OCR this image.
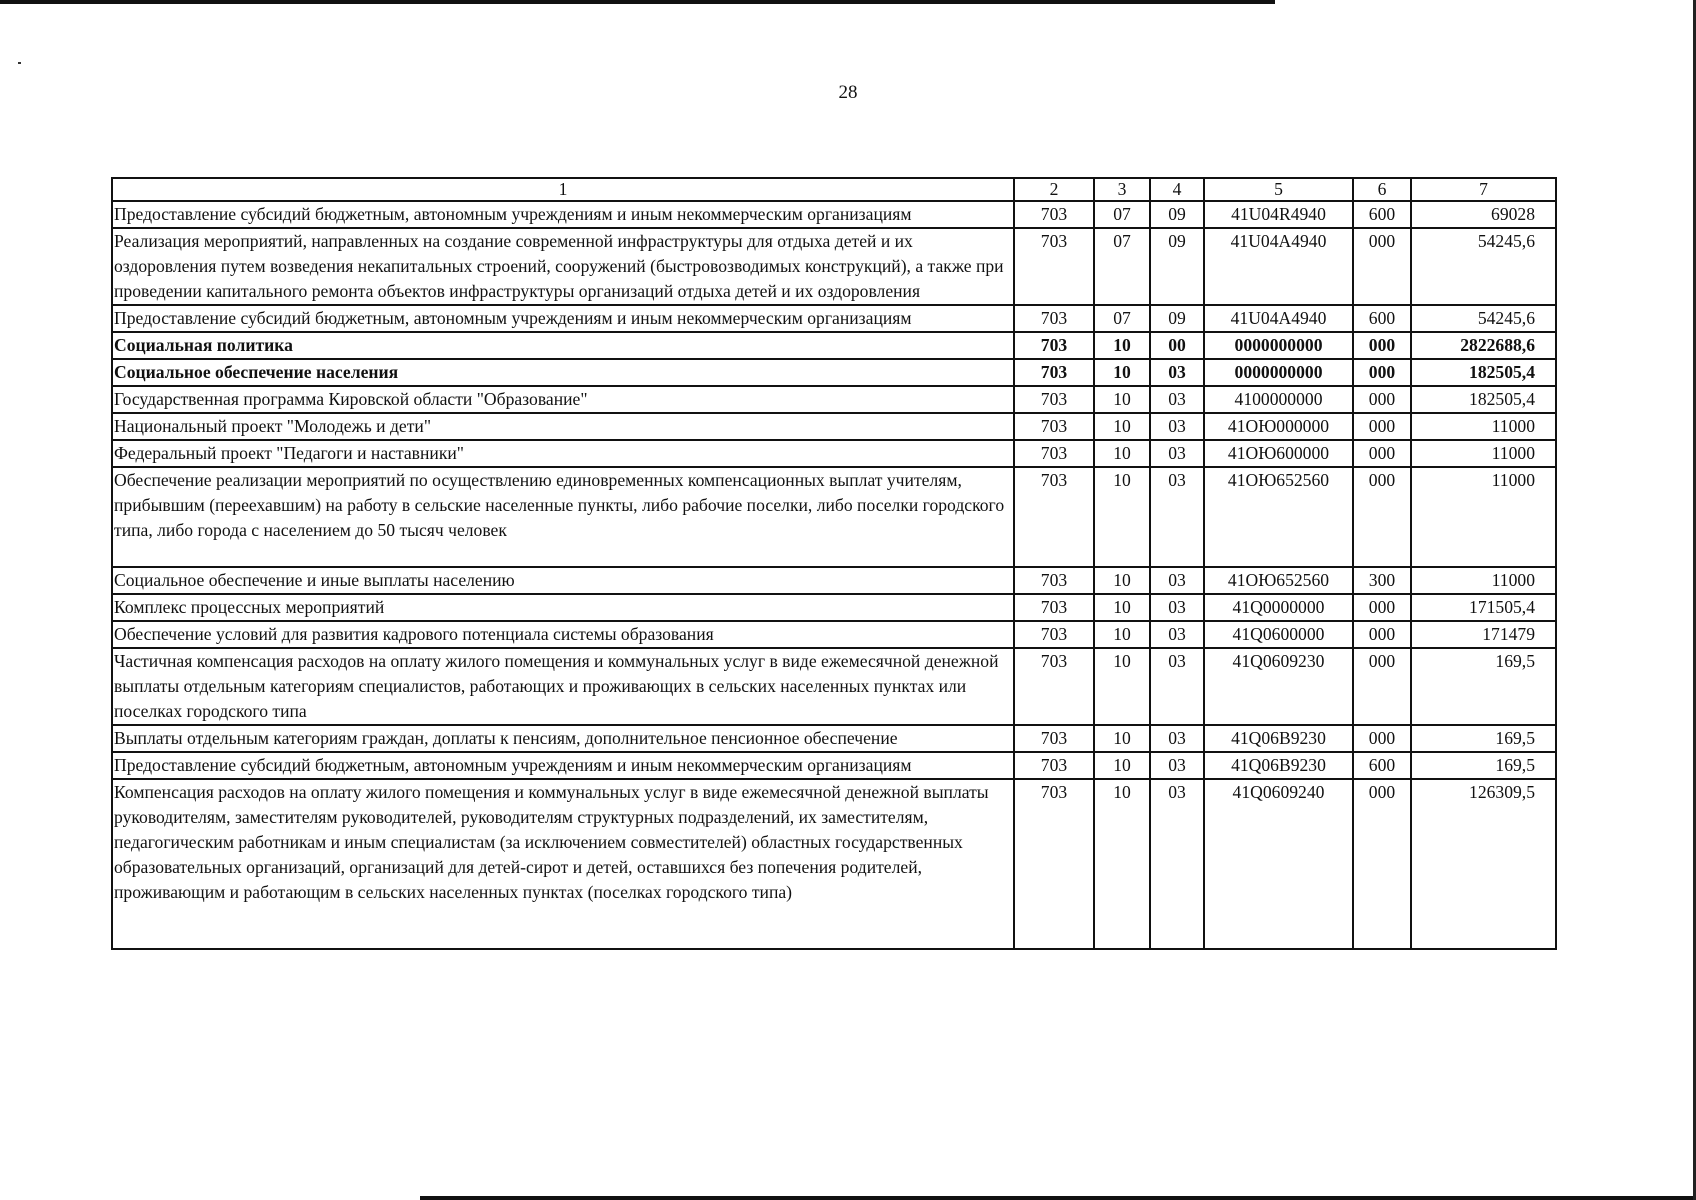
28
1	2	3	4	5	6	7
Предоставление субсидий бюджетным, автономным учреждениям и иным некоммерческим организациям	703	07	09	41U04R4940	600	69028
Реализация мероприятий, направленных на создание современной инфраструктуры для отдыха детей и их оздоровления путем возведения некапитальных строений, сооружений (быстровозводимых конструкций), а также при проведении капитального ремонта объектов инфраструктуры организаций отдыха детей и их оздоровления	703	07	09	41U04A4940	000	54245,6
Предоставление субсидий бюджетным, автономным учреждениям и иным некоммерческим организациям	703	07	09	41U04A4940	600	54245,6
Социальная политика	703	10	00	0000000000	000	2822688,6
Социальное обеспечение населения	703	10	03	0000000000	000	182505,4
Государственная программа Кировской области "Образование"	703	10	03	4100000000	000	182505,4
Национальный проект "Молодежь и дети"	703	10	03	41ОЮ000000	000	11000
Федеральный проект "Педагоги и наставники"	703	10	03	41ОЮ600000	000	11000
Обеспечение реализации мероприятий по осуществлению единовременных компенсационных выплат учителям, прибывшим (переехавшим) на работу в сельские населенные пункты, либо рабочие поселки, либо поселки городского типа, либо города с населением до 50 тысяч человек	703	10	03	41ОЮ652560	000	11000
Социальное обеспечение и иные выплаты населению	703	10	03	41ОЮ652560	300	11000
Комплекс процессных мероприятий	703	10	03	41Q0000000	000	171505,4
Обеспечение условий для развития кадрового потенциала системы образования	703	10	03	41Q0600000	000	171479
Частичная компенсация расходов на оплату жилого помещения и коммунальных услуг в виде ежемесячной денежной выплаты отдельным категориям специалистов, работающих и проживающих в сельских населенных пунктах или поселках городского типа	703	10	03	41Q0609230	000	169,5
Выплаты отдельным категориям граждан, доплаты к пенсиям, дополнительное пенсионное обеспечение	703	10	03	41Q06B9230	000	169,5
Предоставление субсидий бюджетным, автономным учреждениям и иным некоммерческим организациям	703	10	03	41Q06B9230	600	169,5
Компенсация расходов на оплату жилого помещения и коммунальных услуг в виде ежемесячной денежной выплаты руководителям, заместителям руководителей, руководителям структурных подразделений, их заместителям, педагогическим работникам и иным специалистам (за исключением совместителей) областных государственных образовательных организаций, организаций для детей-сирот и детей, оставшихся без попечения родителей, проживающим и работающим в сельских населенных пунктах (поселках городского типа)	703	10	03	41Q0609240	000	126309,5
